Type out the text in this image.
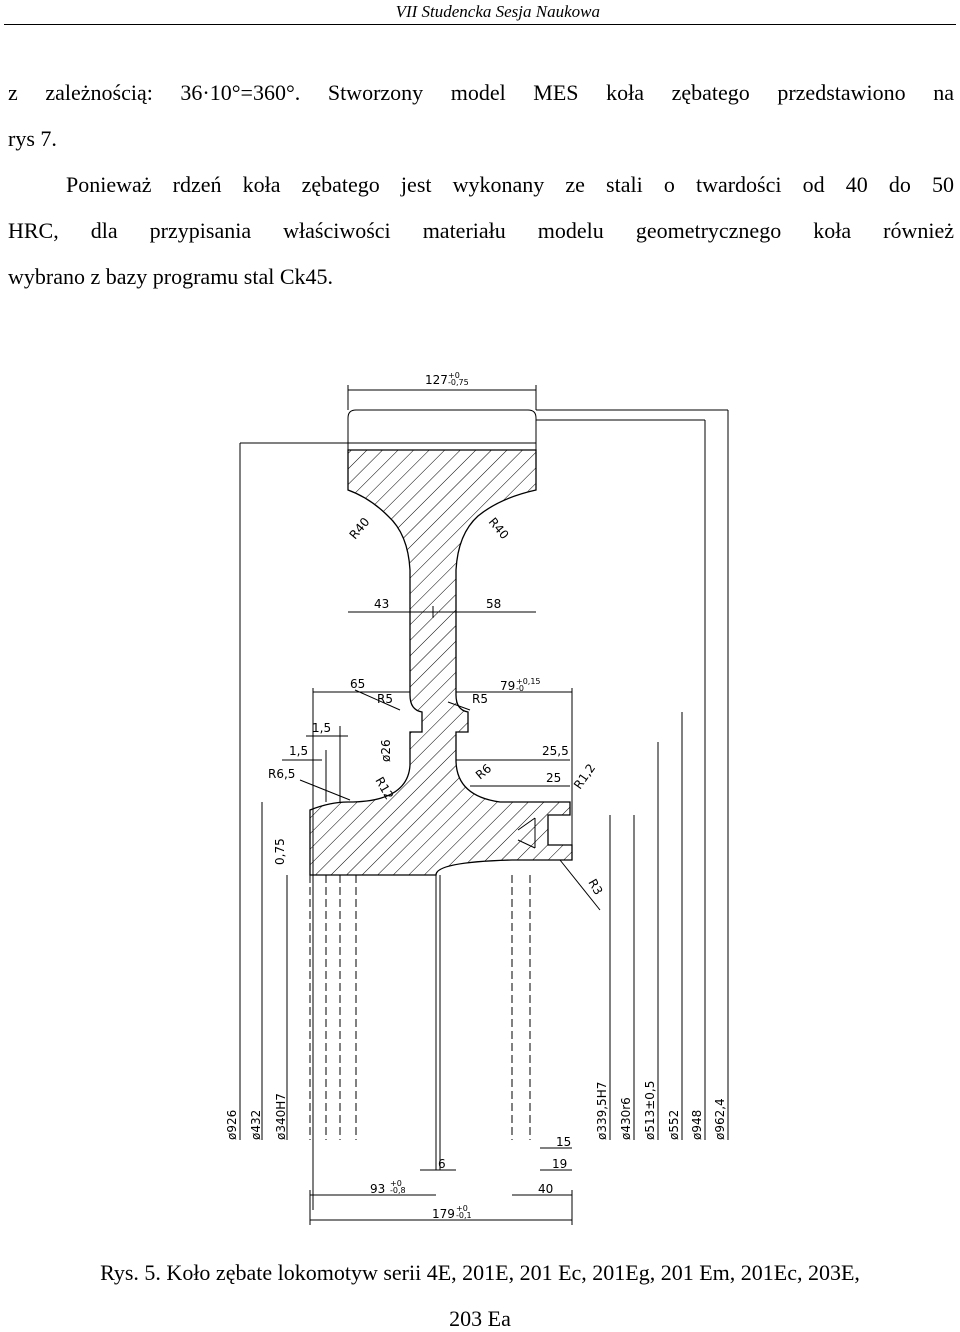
VII Studencka Sesja Naukowa
z zależnością: 36·10°=360°. Stworzony model MES koła zębatego przedstawiono na
rys 7.
Ponieważ rdzeń koła zębatego jest wykonany ze stali o twardości od 40 do 50
HRC, dla przypisania właściwości materiału modelu geometrycznego koła również
wybrano z bazy programu stal Ck45.
127 +0
-0,75
R40	R40
43	58
65
R5	R5
79 +0,15
-0
1,5
1,5	ø26
R6,5
R12
R6	R1,2
25,5
25
0,75
R3
ø926 ø432 ø340H7	ø339,5H7 ø430r6 ø513±0,5 ø552 ø948 ø962,4
15
6	19
93 +0
-0,8	40
179 +0
-0,1
Rys. 5. Koło zębate lokomotyw serii 4E, 201E, 201 Ec, 201Eg, 201 Em, 201Ec, 203E,
203 Ea
